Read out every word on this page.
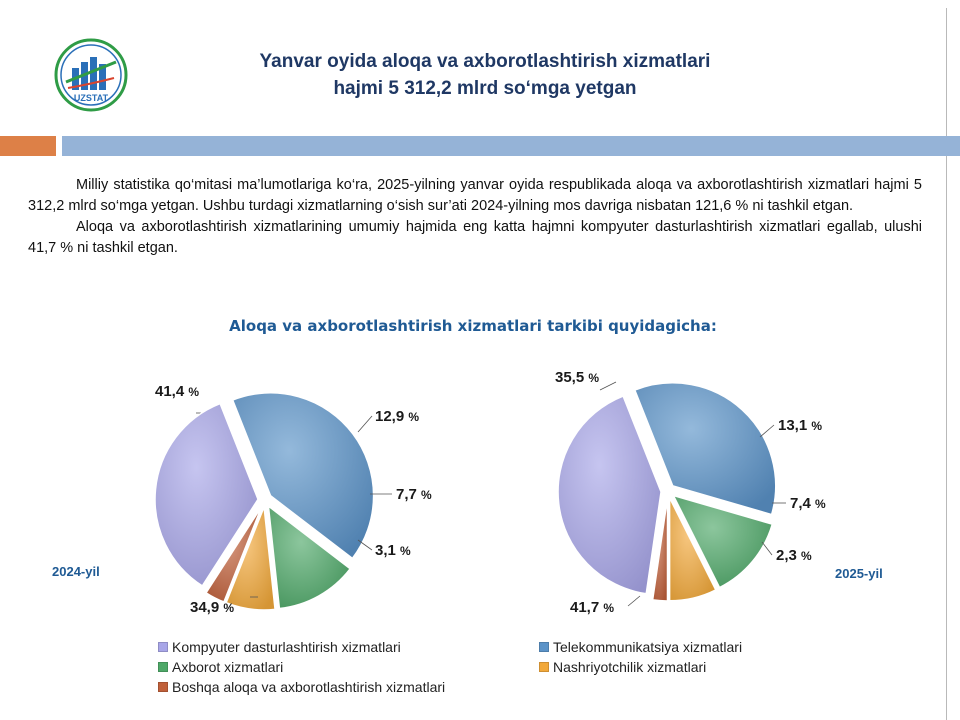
UZSTAT
Yanvar oyida aloqa va axborotlashtirish xizmatlari
hajmi 5 312,2 mlrd so‘mga yetgan

Milliy statistika qo‘mitasi ma’lumotlariga ko‘ra, 2025-yilning yanvar oyida respublikada aloqa va axborotlashtirish xizmatlari hajmi 5 312,2 mlrd so‘mga yetgan. Ushbu turdagi xizmatlarning o‘sish sur’ati 2024-yilning mos davriga nisbatan 121,6 % ni tashkil etgan.

Aloqa va axborotlashtirish xizmatlarining umumiy hajmida eng katta hajmni kompyuter dasturlashtirish xizmatlari egallab, ulushi 41,7 % ni tashkil etgan.

Aloqa va axborotlashtirish xizmatlari tarkibi quyidagicha:
41,4 %
12,9 %
7,7 %
3,1 %
34,9 %
2024-yil
35,5 %
13,1 %
7,4 %
2,3 %
41,7 %
2025-yil
Kompyuter dasturlashtirish xizmatlari	Telekommunikatsiya xizmatlari
Axborot xizmatlari	Nashriyotchilik xizmatlari
Boshqa aloqa va axborotlashtirish xizmatlari
